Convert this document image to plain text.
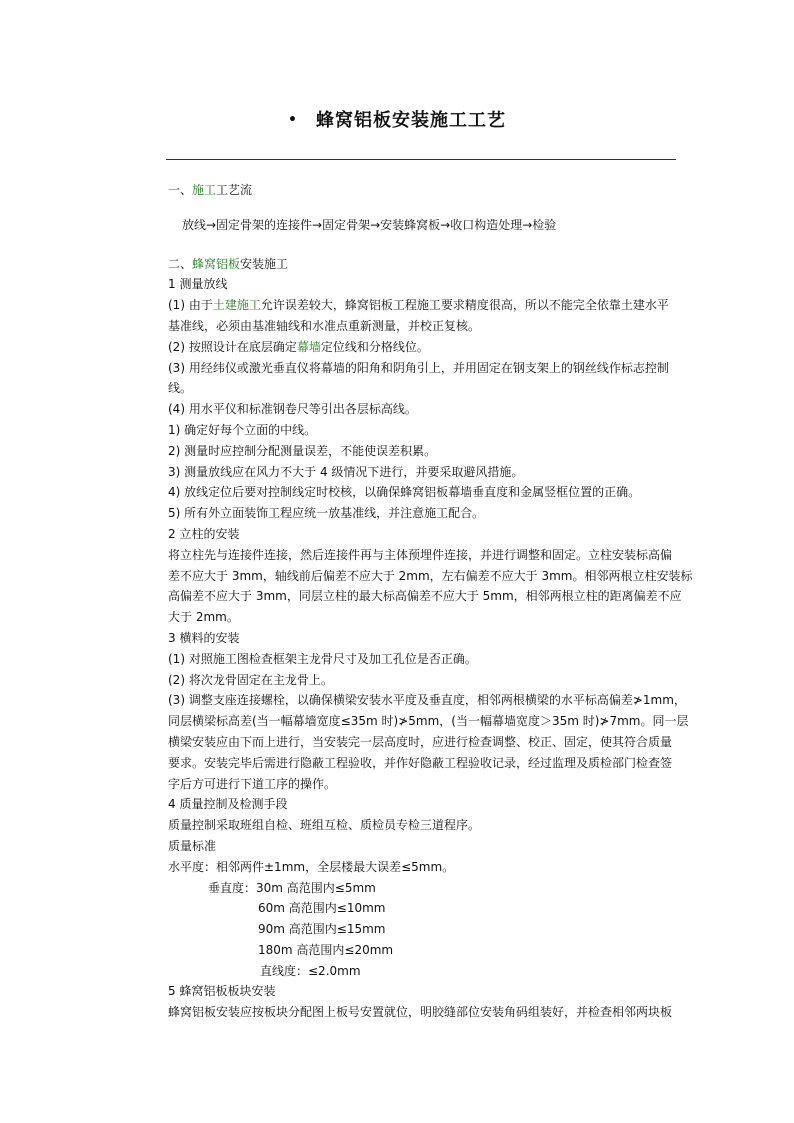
• 蜂窝铝板安装施工工艺

一、施工工艺流

放线→固定骨架的连接件→固定骨架→安装蜂窝板→收口构造处理→检验

二、蜂窝铝板安装施工

1 测量放线

(1) 由于土建施工允许误差较大，蜂窝铝板工程施工要求精度很高，所以不能完全依靠土建水平

基准线，必须由基准轴线和水准点重新测量，并校正复核。

(2) 按照设计在底层确定幕墙定位线和分格线位。

(3) 用经纬仪或激光垂直仪将幕墙的阳角和阴角引上，并用固定在钢支架上的钢丝线作标志控制

线。

(4) 用水平仪和标准钢卷尺等引出各层标高线。

1) 确定好每个立面的中线。

2) 测量时应控制分配测量误差，不能使误差积累。

3) 测量放线应在风力不大于 4 级情况下进行，并要采取避风措施。

4) 放线定位后要对控制线定时校核，以确保蜂窝铝板幕墙垂直度和金属竖框位置的正确。

5) 所有外立面装饰工程应统一放基准线，并注意施工配合。

2 立柱的安装

将立柱先与连接件连接，然后连接件再与主体预埋件连接，并进行调整和固定。立柱安装标高偏

差不应大于 3mm，轴线前后偏差不应大于 2mm，左右偏差不应大于 3mm。相邻两根立柱安装标

高偏差不应大于 3mm，同层立柱的最大标高偏差不应大于 5mm，相邻两根立柱的距离偏差不应

大于 2mm。

3 横料的安装

(1) 对照施工图检查框架主龙骨尺寸及加工孔位是否正确。

(2) 将次龙骨固定在主龙骨上。

(3) 调整支座连接螺栓，以确保横梁安装水平度及垂直度，相邻两根横梁的水平标高偏差≯1mm，

同层横梁标高差(当一幅幕墙宽度≤35m 时)≯5mm，(当一幅幕墙宽度＞35m 时)≯7mm。同一层

横梁安装应由下而上进行，当安装完一层高度时，应进行检查调整、校正、固定，使其符合质量

要求。安装完毕后需进行隐蔽工程验收，并作好隐蔽工程验收记录，经过监理及质检部门检查签

字后方可进行下道工序的操作。

4 质量控制及检测手段

质量控制采取班组自检、班组互检、质检员专检三道程序。

质量标准

水平度：相邻两件±1mm，全层楼最大误差≤5mm。

垂直度：30m 高范围内≤5mm

60m 高范围内≤10mm

90m 高范围内≤15mm

180m 高范围内≤20mm

直线度：≤2.0mm

5 蜂窝铝板板块安装

蜂窝铝板安装应按板块分配图上板号安置就位，明胶缝部位安装角码组装好，并检查相邻两块板
